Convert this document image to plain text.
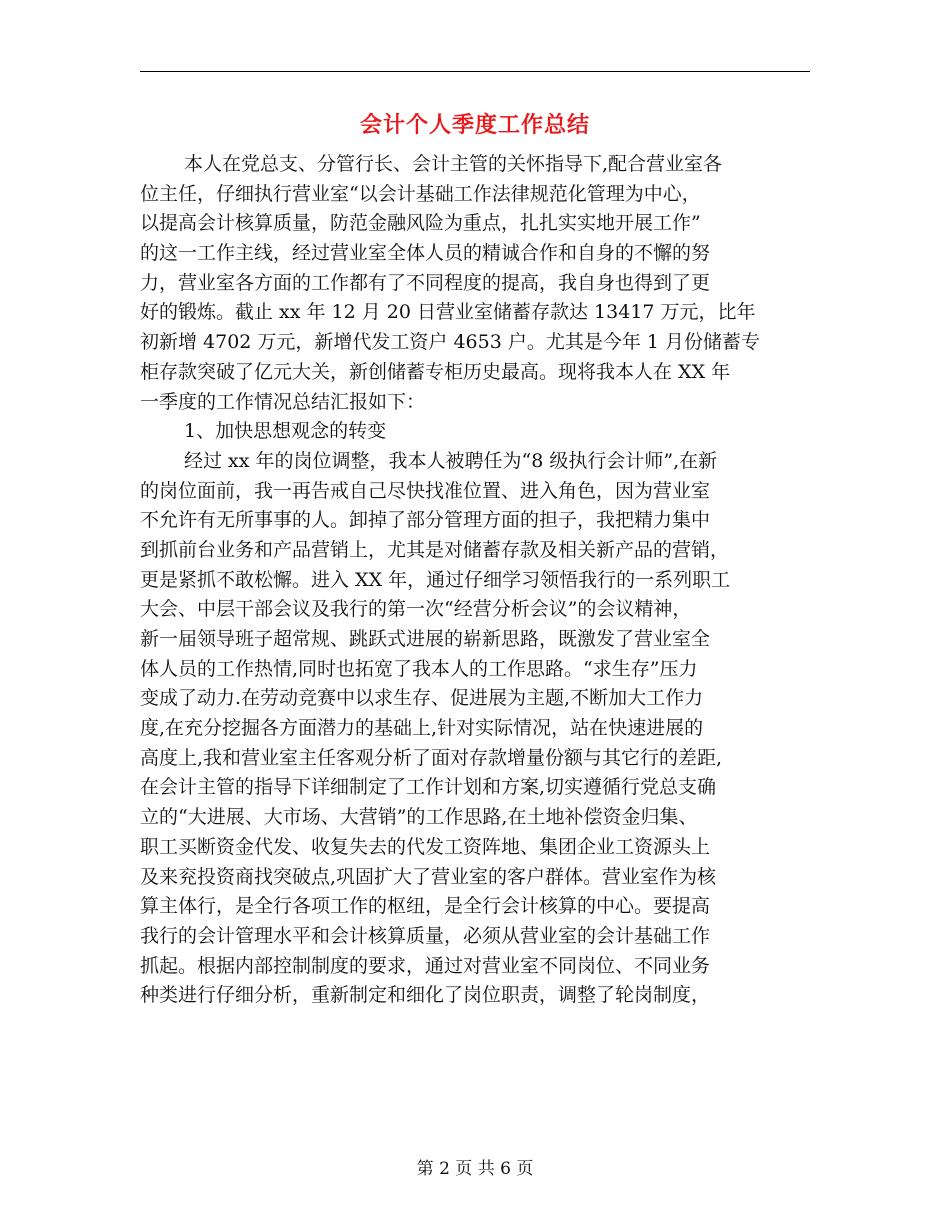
会计个人季度工作总结
本人在党总支、分管行长、会计主管的关怀指导下,配合营业室各
位主任，仔细执行营业室“以会计基础工作法律规范化管理为中心，
以提高会计核算质量，防范金融风险为重点，扎扎实实地开展工作”
的这一工作主线，经过营业室全体人员的精诚合作和自身的不懈的努
力，营业室各方面的工作都有了不同程度的提高，我自身也得到了更
好的锻炼。截止 xx 年 12 月 20 日营业室储蓄存款达 13417 万元，比年
初新增 4702 万元，新增代发工资户 4653 户。尤其是今年 1 月份储蓄专
柜存款突破了亿元大关，新创储蓄专柜历史最高。现将我本人在 XX 年
一季度的工作情况总结汇报如下：
1、加快思想观念的转变
经过 xx 年的岗位调整，我本人被聘任为“8 级执行会计师”,在新
的岗位面前，我一再告戒自己尽快找准位置、进入角色，因为营业室
不允许有无所事事的人。卸掉了部分管理方面的担子，我把精力集中
到抓前台业务和产品营销上，尤其是对储蓄存款及相关新产品的营销，
更是紧抓不敢松懈。进入 XX 年，通过仔细学习领悟我行的一系列职工
大会、中层干部会议及我行的第一次“经营分析会议”的会议精神，
新一届领导班子超常规、跳跃式进展的崭新思路，既激发了营业室全
体人员的工作热情,同时也拓宽了我本人的工作思路。“求生存”压力
变成了动力.在劳动竞赛中以求生存、促进展为主题,不断加大工作力
度,在充分挖掘各方面潜力的基础上,针对实际情况，站在快速进展的
高度上,我和营业室主任客观分析了面对存款增量份额与其它行的差距,
在会计主管的指导下详细制定了工作计划和方案,切实遵循行党总支确
立的“大进展、大市场、大营销”的工作思路,在土地补偿资金归集、
职工买断资金代发、收复失去的代发工资阵地、集团企业工资源头上
及来兖投资商找突破点,巩固扩大了营业室的客户群体。营业室作为核
算主体行，是全行各项工作的枢纽，是全行会计核算的中心。要提高
我行的会计管理水平和会计核算质量，必须从营业室的会计基础工作
抓起。根据内部控制制度的要求，通过对营业室不同岗位、不同业务
种类进行仔细分析，重新制定和细化了岗位职责，调整了轮岗制度，
第 2 页 共 6 页
